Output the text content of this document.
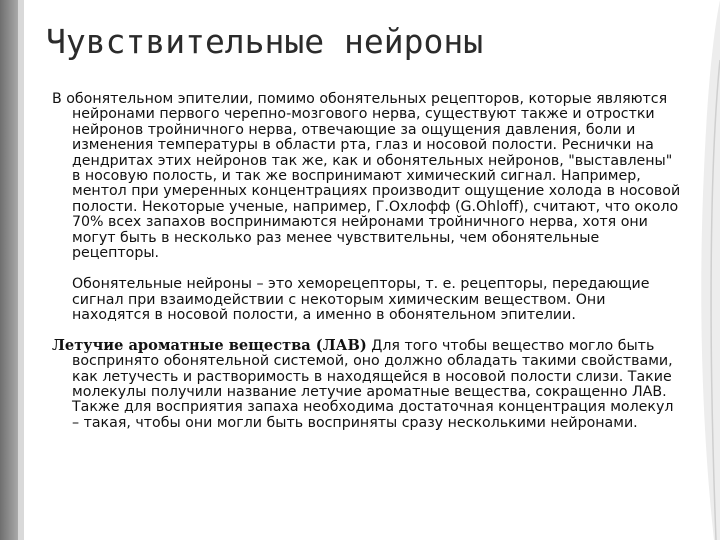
Чувствительные нейроны

В обонятельном эпителии, помимо обонятельных рецепторов, которые являются нейронами первого черепно-мозгового нерва, существуют также и отростки нейронов тройничного нерва, отвечающие за ощущения давления, боли и изменения температуры в области рта, глаз и носовой полости. Реснички на дендритах этих нейронов так же, как и обонятельных нейронов, "выставлены" в носовую полость, и так же воспринимают химический сигнал. Например, ментол при умеренных концентрациях производит ощущение холода в носовой полости. Некоторые ученые, например, Г.Охлофф (G.Ohloff), считают, что около 70% всех запахов воспринимаются нейронами тройничного нерва, хотя они могут быть в несколько раз менее чувствительны, чем обонятельные рецепторы.

Обонятельные нейроны – это хеморецепторы, т. е. рецепторы, передающие сигнал при взаимодействии с некоторым химическим веществом. Они находятся в носовой полости, а именно в обонятельном эпителии.

Летучие ароматные вещества (ЛАВ) Для того чтобы вещество могло быть воспринято обонятельной системой, оно должно обладать такими свойствами, как летучесть и растворимость в находящейся в носовой полости слизи. Такие молекулы получили название летучие ароматные вещества, сокращенно ЛАВ. Также для восприятия запаха необходима достаточная концентрация молекул – такая, чтобы они могли быть восприняты сразу несколькими нейронами.
